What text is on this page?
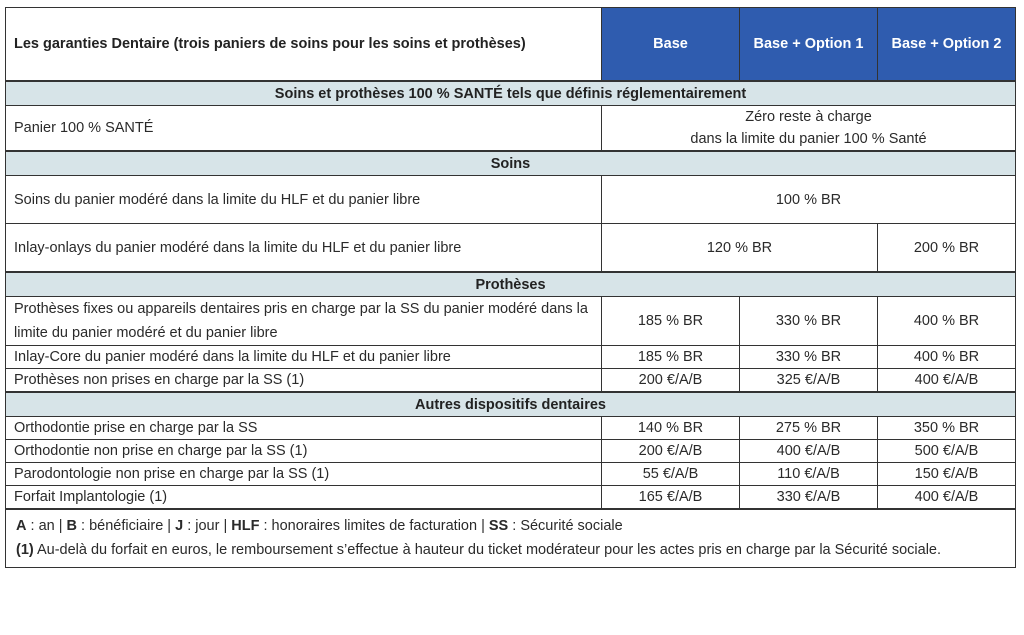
Les garanties Dentaire (trois paniers de soins pour les soins et prothèses)	Base	Base + Option 1	Base + Option 2
Soins et prothèses 100 % SANTÉ tels que définis réglementairement			
Panier 100 % SANTÉ	Zéro reste à charge
dans la limite du panier 100 % Santé		

Soins			
Soins du panier modéré dans la limite du HLF et du panier libre	100 % BR		
Inlay-onlays du panier modéré dans la limite du HLF et du panier libre	120 % BR		200 % BR
Prothèses			
Prothèses fixes ou appareils dentaires pris en charge par la SS du panier modéré dans la limite du panier modéré et du panier libre	185 % BR	330 % BR	400 % BR
Inlay-Core du panier modéré dans la limite du HLF et du panier libre	185 % BR	330 % BR	400 % BR
Prothèses non prises en charge par la SS (1)	200 €/A/B	325 €/A/B	400 €/A/B
Autres dispositifs dentaires			
Orthodontie prise en charge par la SS	140 % BR	275 % BR	350 % BR
Orthodontie non prise en charge par la SS (1)	200 €/A/B	400 €/A/B	500 €/A/B
Parodontologie non prise en charge par la SS (1)	55 €/A/B	110 €/A/B	150 €/A/B
Forfait Implantologie (1)	165 €/A/B	330 €/A/B	400 €/A/B

A : an | B : bénéficiaire | J : jour | HLF : honoraires limites de facturation | SS : Sécurité sociale
(1) Au-delà du forfait en euros, le remboursement s’effectue à hauteur du ticket modérateur pour les actes pris en charge par la Sécurité sociale.			
